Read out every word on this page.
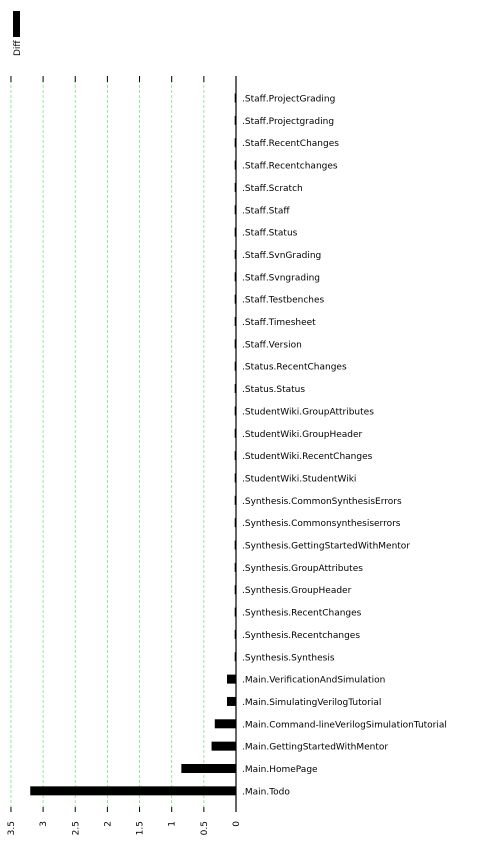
Diff
.Staff.ProjectGrading
.Staff.Projectgrading
.Staff.RecentChanges
.Staff.Recentchanges
.Staff.Scratch
.Staff.Staff
.Staff.Status
.Staff.SvnGrading
.Staff.Svngrading
.Staff.Testbenches
.Staff.Timesheet
.Staff.Version
.Status.RecentChanges
.Status.Status
.StudentWiki.GroupAttributes
.StudentWiki.GroupHeader
.StudentWiki.RecentChanges
.StudentWiki.StudentWiki
.Synthesis.CommonSynthesisErrors
.Synthesis.Commonsynthesiserrors
.Synthesis.GettingStartedWithMentor
.Synthesis.GroupAttributes
.Synthesis.GroupHeader
.Synthesis.RecentChanges
.Synthesis.Recentchanges
.Synthesis.Synthesis
.Main.VerificationAndSimulation
.Main.SimulatingVerilogTutorial
.Main.Command-lineVerilogSimulationTutorial
.Main.GettingStartedWithMentor
.Main.HomePage
.Main.Todo
3.5 3 2.5 2 1.5 1 0.5 0
